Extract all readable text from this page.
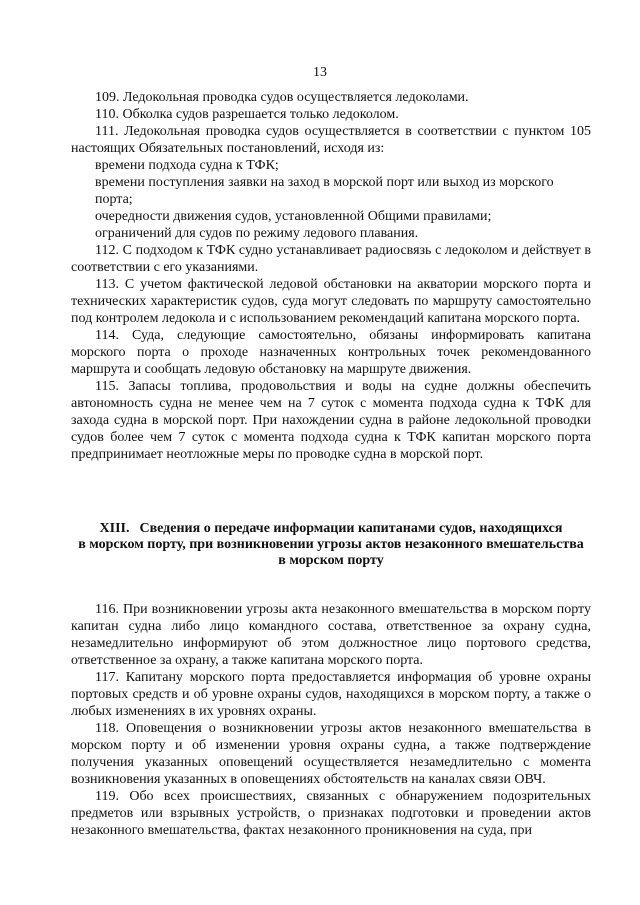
13

109. Ледокольная проводка судов осуществляется ледоколами.

110. Обколка судов разрешается только ледоколом.

111. Ледокольная проводка судов осуществляется в соответствии с пунктом 105 настоящих Обязательных постановлений, исходя из:

времени подхода судна к ТФК;

времени поступления заявки на заход в морской порт или выход из морского порта;

очередности движения судов, установленной Общими правилами;

ограничений для судов по режиму ледового плавания.

112. С подходом к ТФК судно устанавливает радиосвязь с ледоколом и действует в соответствии с его указаниями.

113. С учетом фактической ледовой обстановки на акватории морского порта и технических характеристик судов, суда могут следовать по маршруту самостоятельно под контролем ледокола и с использованием рекомендаций капитана морского порта.

114. Суда, следующие самостоятельно, обязаны информировать капитана морского порта о проходе назначенных контрольных точек рекомендованного маршрута и сообщать ледовую обстановку на маршруте движения.

115. Запасы топлива, продовольствия и воды на судне должны обеспечить автономность судна не менее чем на 7 суток с момента подхода судна к ТФК для захода судна в морской порт. При нахождении судна в районе ледокольной проводки судов более чем 7 суток с момента подхода судна к ТФК капитан морского порта предпринимает неотложные меры по проводке судна в морской порт.

XIII. Сведения о передаче информации капитанами судов, находящихся
в морском порту, при возникновении угрозы актов незаконного вмешательства
в морском порту

116. При возникновении угрозы акта незаконного вмешательства в морском порту капитан судна либо лицо командного состава, ответственное за охрану судна, незамедлительно информируют об этом должностное лицо портового средства, ответственное за охрану, а также капитана морского порта.

117. Капитану морского порта предоставляется информация об уровне охраны портовых средств и об уровне охраны судов, находящихся в морском порту, а также о любых изменениях в их уровнях охраны.

118. Оповещения о возникновении угрозы актов незаконного вмешательства в морском порту и об изменении уровня охраны судна, а также подтверждение получения указанных оповещений осуществляется незамедлительно с момента возникновения указанных в оповещениях обстоятельств на каналах связи ОВЧ.

119. Обо всех происшествиях, связанных с обнаружением подозрительных предметов или взрывных устройств, о признаках подготовки и проведении актов незаконного вмешательства, фактах незаконного проникновения на суда, при
